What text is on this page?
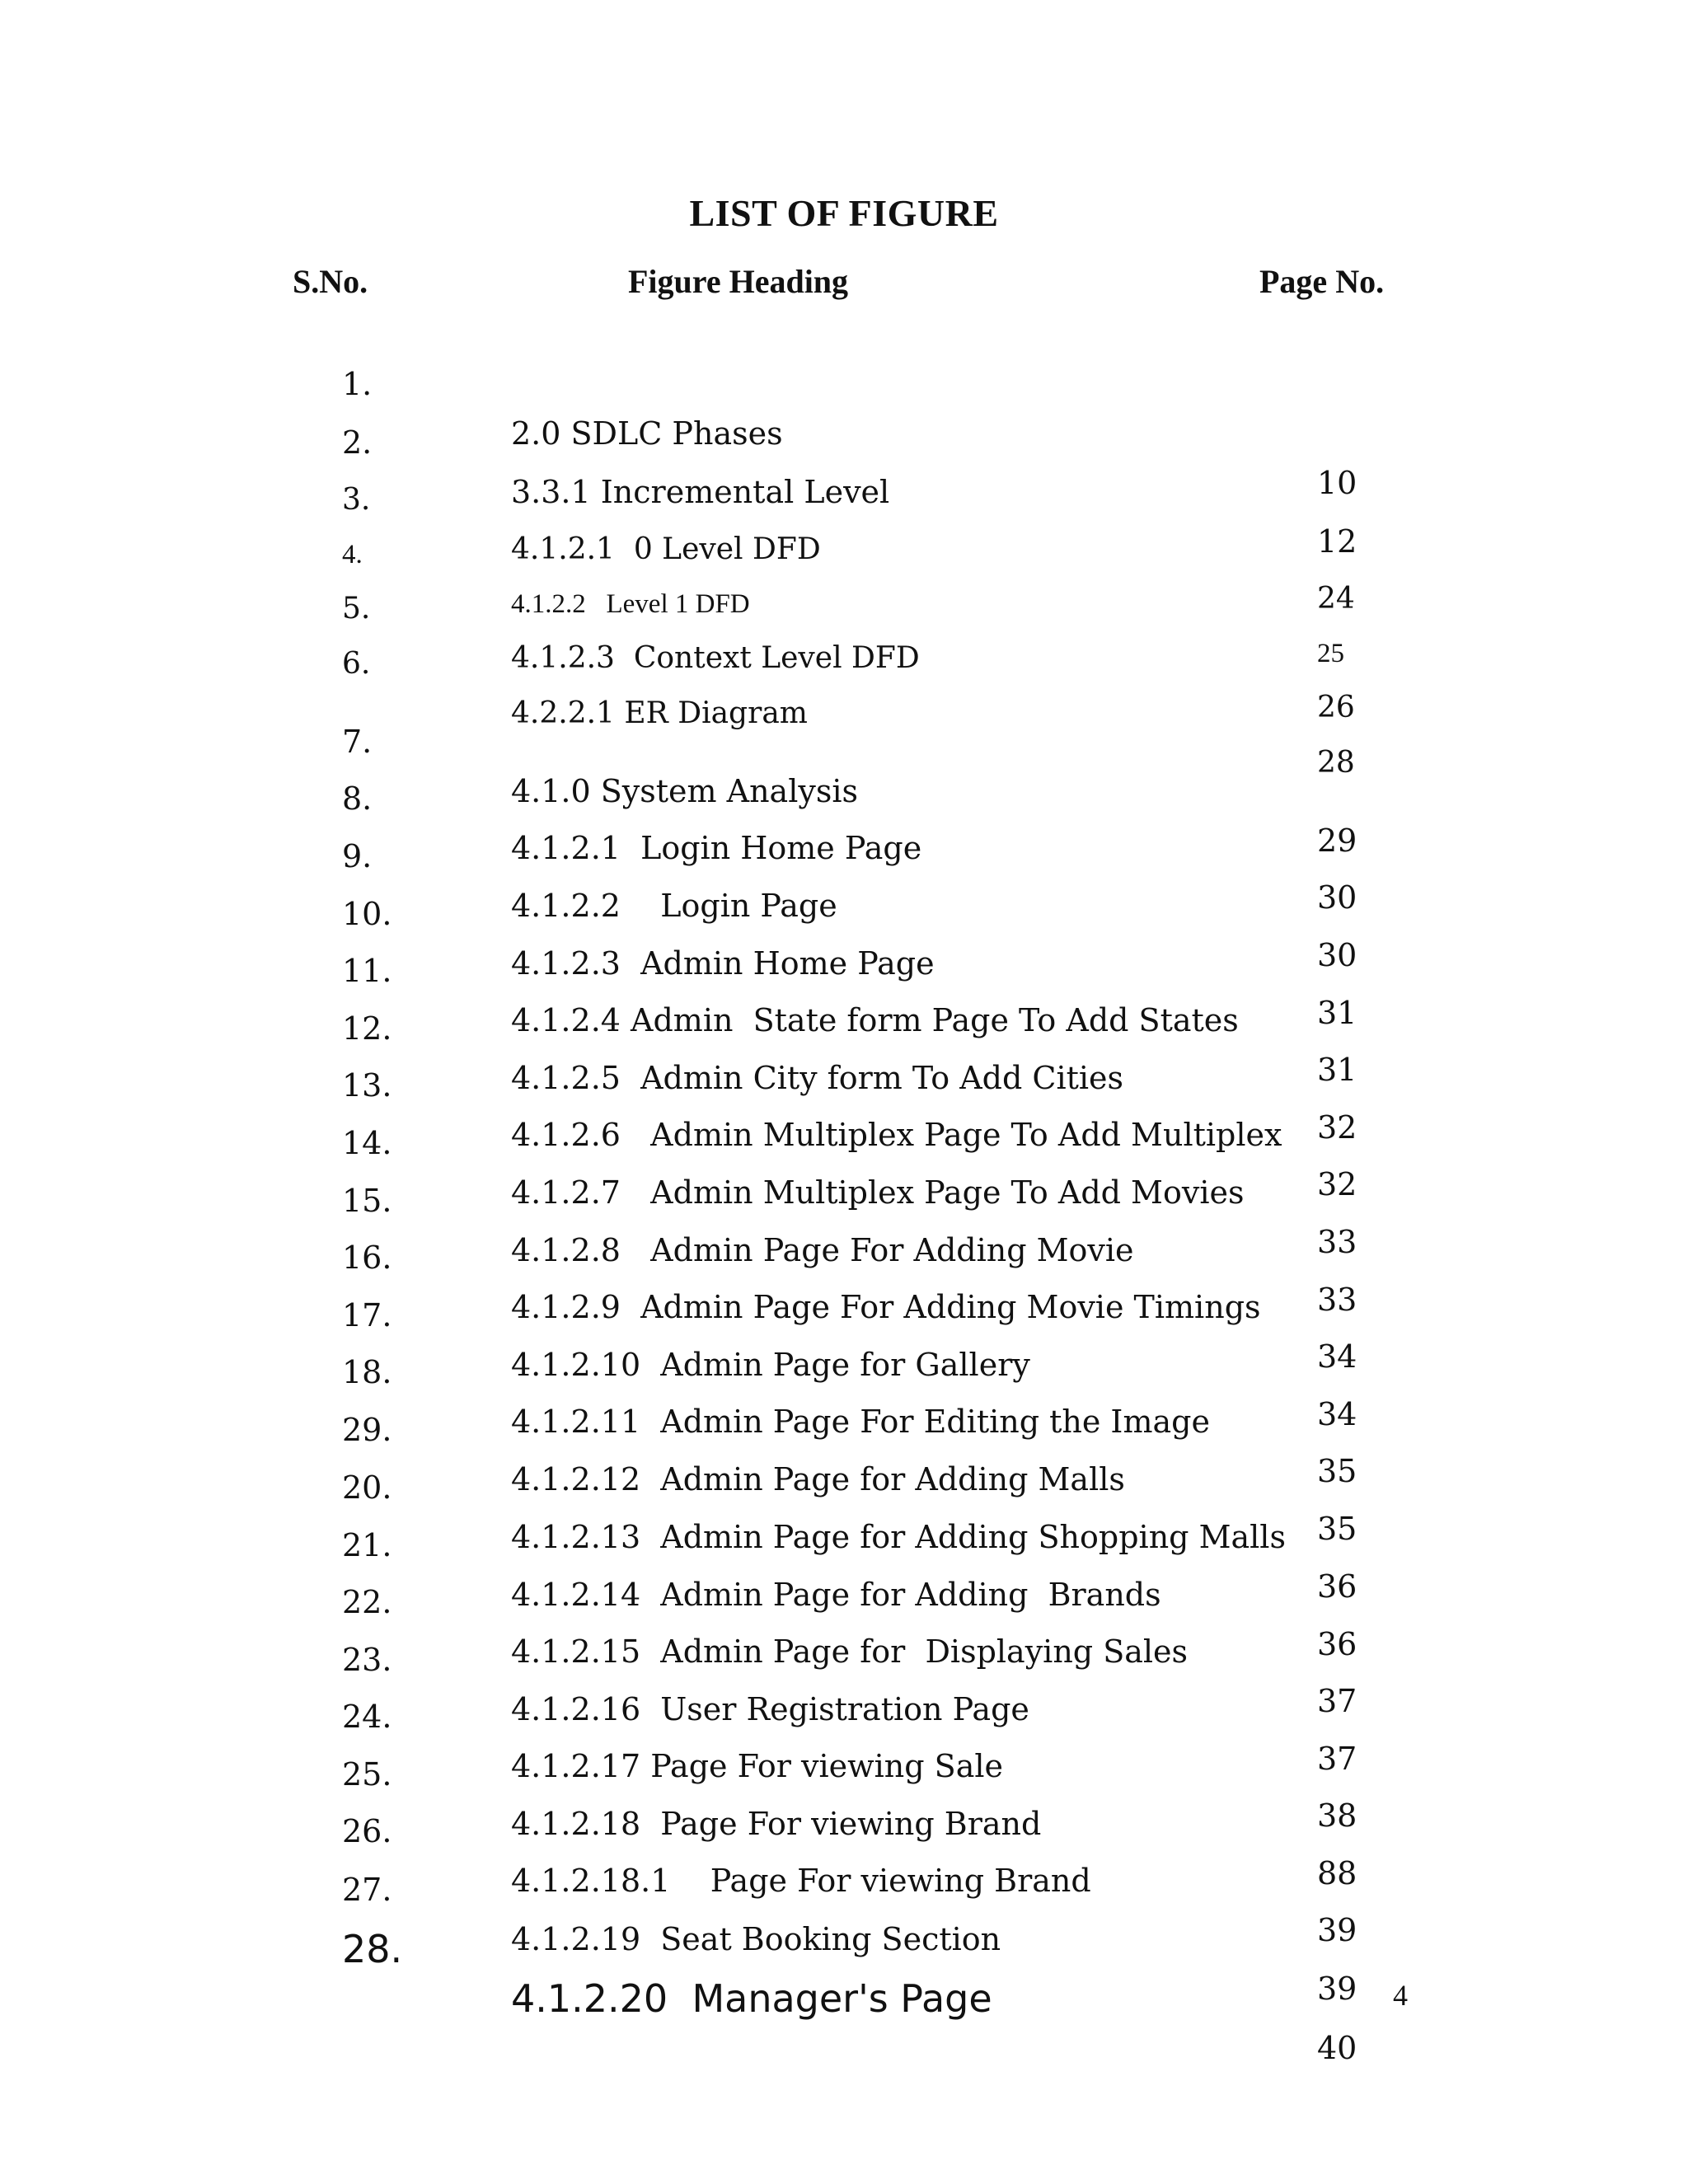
LIST OF FIGURE
S.No.	Figure Heading	Page No.

1.

2.0 SDLC Phases

10

2.

3.3.1 Incremental Level

12

3.

4.1.2.1  0 Level DFD

24

4.

4.1.2.2   Level 1 DFD

25

5.

4.1.2.3  Context Level DFD

26

6.

4.2.2.1 ER Diagram

28

7.

4.1.0 System Analysis

29

8.

4.1.2.1  Login Home Page

30

9.

4.1.2.2    Login Page

30

10.

4.1.2.3  Admin Home Page

31

11.

4.1.2.4 Admin  State form Page To Add States

31

12.

4.1.2.5  Admin City form To Add Cities

32

13.

4.1.2.6   Admin Multiplex Page To Add Multiplex

32

14.

4.1.2.7   Admin Multiplex Page To Add Movies

33

15.

4.1.2.8   Admin Page For Adding Movie

33

16.

4.1.2.9  Admin Page For Adding Movie Timings

34

17.

4.1.2.10  Admin Page for Gallery

34

18.

4.1.2.11  Admin Page For Editing the Image

35

29.

4.1.2.12  Admin Page for Adding Malls

35

20.

4.1.2.13  Admin Page for Adding Shopping Malls

36

21.

4.1.2.14  Admin Page for Adding  Brands

36

22.

4.1.2.15  Admin Page for  Displaying Sales

37

23.

4.1.2.16  User Registration Page

37

24.

4.1.2.17 Page For viewing Sale

38

25.

4.1.2.18  Page For viewing Brand

88

26.

4.1.2.18.1    Page For viewing Brand

39

27.

4.1.2.19  Seat Booking Section

39

28.

4.1.2.20  Manager's Page

40

4
